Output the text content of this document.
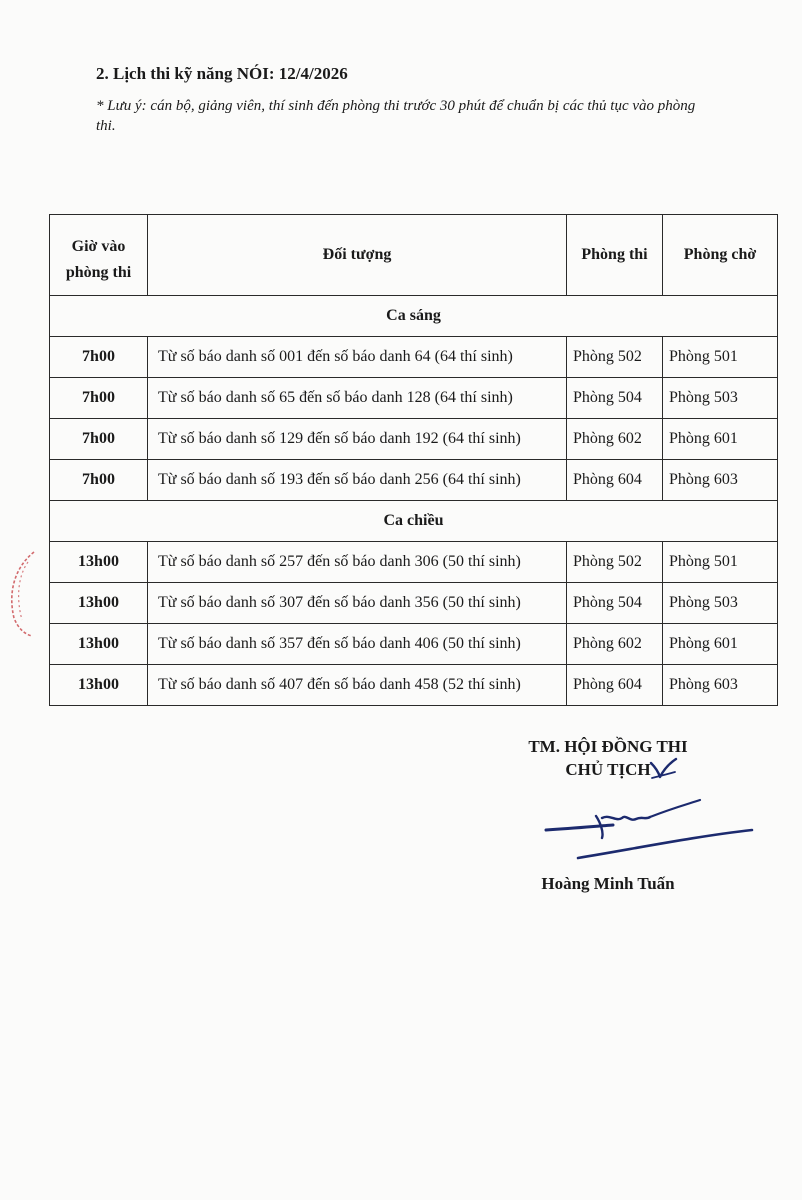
2. Lịch thi kỹ năng NÓI: 12/4/2026
* Lưu ý: cán bộ, giảng viên, thí sinh đến phòng thi trước 30 phút để chuẩn bị các thủ tục vào phòng thi.
Giờ vào
phòng thi	Đối tượng	Phòng thi	Phòng chờ
Ca sáng			
7h00	Từ số báo danh số 001 đến số báo danh 64 (64 thí sinh)	Phòng 502	Phòng 501
7h00	Từ số báo danh số 65 đến số báo danh 128 (64 thí sinh)	Phòng 504	Phòng 503
7h00	Từ số báo danh số 129 đến số báo danh 192 (64 thí sinh)	Phòng 602	Phòng 601
7h00	Từ số báo danh số 193 đến số báo danh 256 (64 thí sinh)	Phòng 604	Phòng 603
Ca chiều			
13h00	Từ số báo danh số 257 đến số báo danh 306 (50 thí sinh)	Phòng 502	Phòng 501
13h00	Từ số báo danh số 307 đến số báo danh 356 (50 thí sinh)	Phòng 504	Phòng 503
13h00	Từ số báo danh số 357 đến số báo danh 406 (50 thí sinh)	Phòng 602	Phòng 601
13h00	Từ số báo danh số 407 đến số báo danh 458 (52 thí sinh)	Phòng 604	Phòng 603
TM. HỘI ĐỒNG THI
CHỦ TỊCH
Hoàng Minh Tuấn
